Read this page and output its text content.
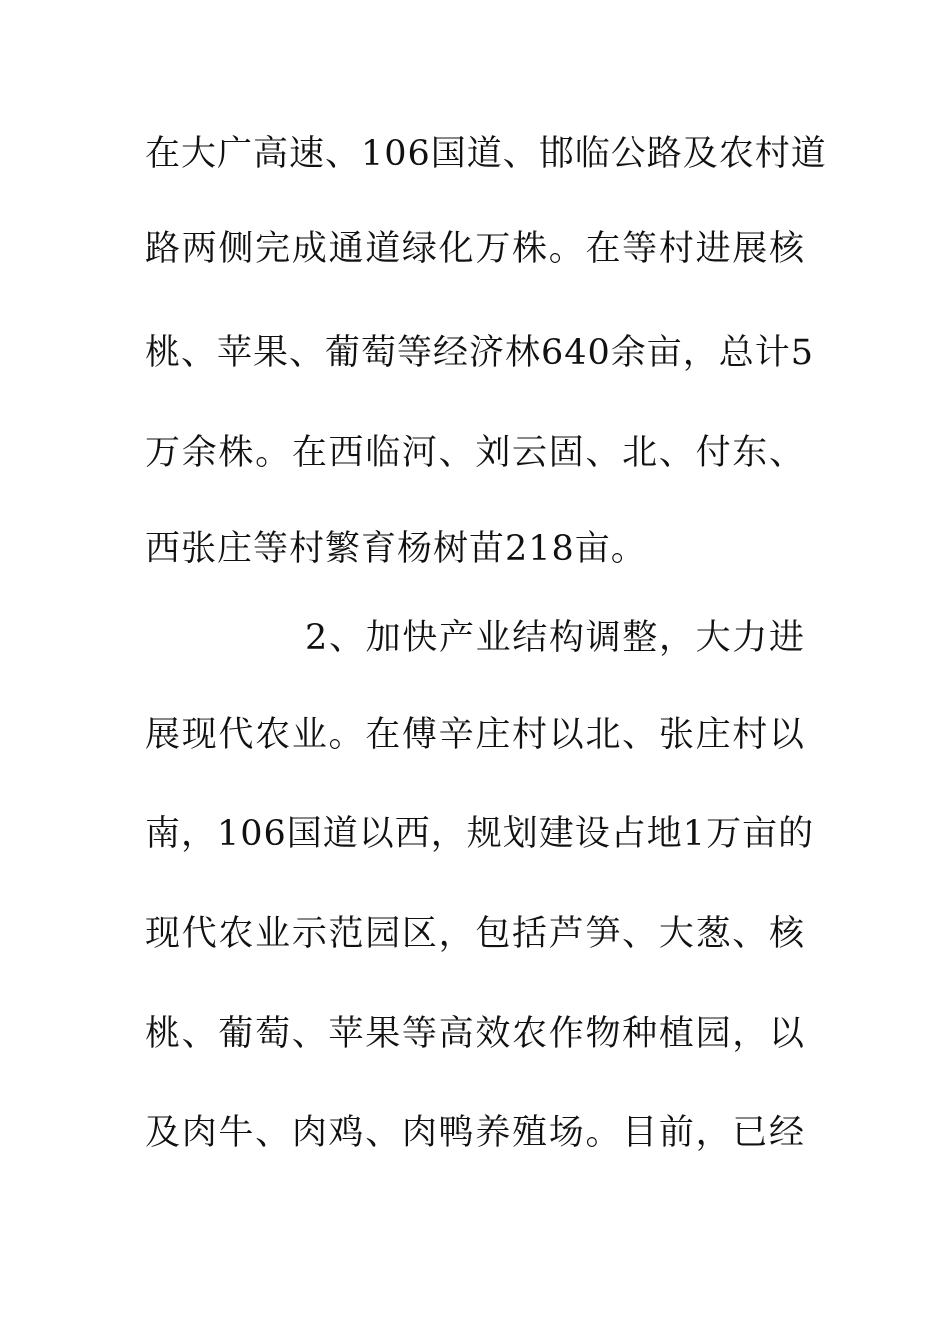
在大广高速、106国道、邯临公路及农村道
路两侧完成通道绿化万株。在等村进展核
桃、苹果、葡萄等经济林640余亩，总计5
万余株。在西临河、刘云固、北、付东、
西张庄等村繁育杨树苗218亩。
2、加快产业结构调整，大力进
展现代农业。在傅辛庄村以北、张庄村以
南，106国道以西，规划建设占地1万亩的
现代农业示范园区，包括芦笋、大葱、核
桃、葡萄、苹果等高效农作物种植园，以
及肉牛、肉鸡、肉鸭养殖场。目前，已经
